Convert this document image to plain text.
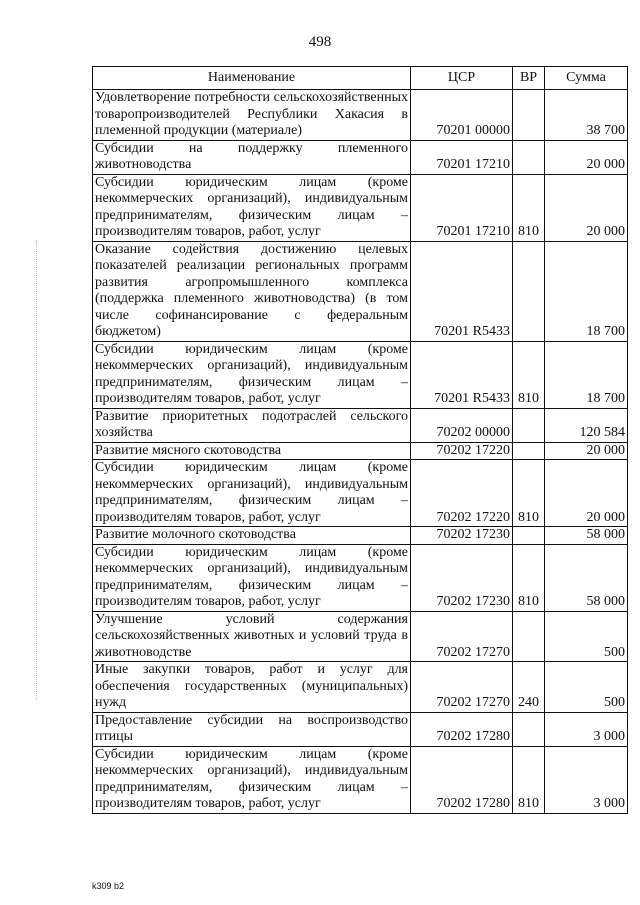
498
Наименование	ЦСР	ВР	Сумма
Удовлетворение потребности сельскохозяйственных товаропроизводителей Республики Хакасия в племенной продукции (материале)	70201 00000		38 700
Субсидии на поддержку племенного животноводства	70201 17210		20 000
Субсидии юридическим лицам (кроме некоммерческих организаций), индивидуальным предпринимателям, физическим лицам – производителям товаров, работ, услуг	70201 17210	810	20 000
Оказание содействия достижению целевых показателей реализации региональных программ развития агропромышленного комплекса (поддержка племенного животноводства) (в том числе софинансирование с федеральным бюджетом)	70201 R5433		18 700
Субсидии юридическим лицам (кроме некоммерческих организаций), индивидуальным предпринимателям, физическим лицам – производителям товаров, работ, услуг	70201 R5433	810	18 700
Развитие приоритетных подотраслей сельского хозяйства	70202 00000		120 584
Развитие мясного скотоводства	70202 17220		20 000
Субсидии юридическим лицам (кроме некоммерческих организаций), индивидуальным предпринимателям, физическим лицам – производителям товаров, работ, услуг	70202 17220	810	20 000
Развитие молочного скотоводства	70202 17230		58 000
Субсидии юридическим лицам (кроме некоммерческих организаций), индивидуальным предпринимателям, физическим лицам – производителям товаров, работ, услуг	70202 17230	810	58 000
Улучшение условий содержания сельскохозяйственных животных и условий труда в животноводстве	70202 17270		500
Иные закупки товаров, работ и услуг для обеспечения государственных (муниципальных) нужд	70202 17270	240	500
Предоставление субсидии на воспроизводство птицы	70202 17280		3 000
Субсидии юридическим лицам (кроме некоммерческих организаций), индивидуальным предпринимателям, физическим лицам – производителям товаров, работ, услуг	70202 17280	810	3 000
k309 b2
